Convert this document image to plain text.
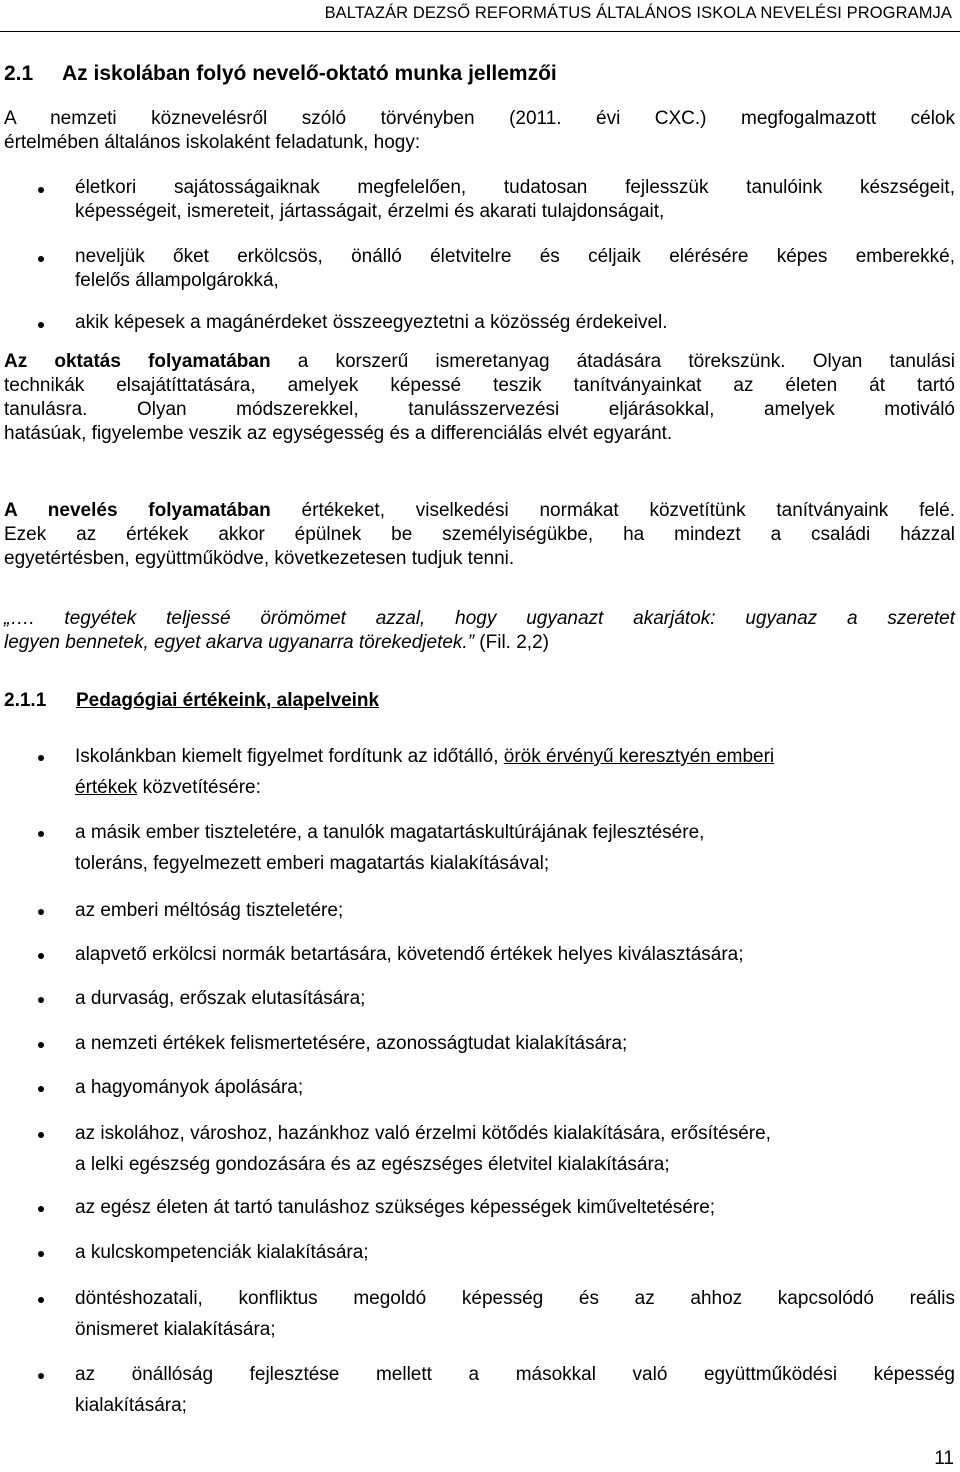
BALTAZÁR DEZSŐ REFORMÁTUS ÁLTALÁNOS ISKOLA NEVELÉSI PROGRAMJA
2.1 Az iskolában folyó nevelő-oktató munka jellemzői
A nemzeti köznevelésről szóló törvényben (2011. évi CXC.) megfogalmazott célok
értelmében általános iskolaként feladatunk, hogy:
életkori sajátosságaiknak megfelelően, tudatosan fejlesszük tanulóink készségeit,
képességeit, ismereteit, jártasságait, érzelmi és akarati tulajdonságait,
neveljük őket erkölcsös, önálló életvitelre és céljaik elérésére képes emberekké,
felelős állampolgárokká,
akik képesek a magánérdeket összeegyeztetni a közösség érdekeivel.
Az oktatás folyamatában a korszerű ismeretanyag átadására törekszünk. Olyan tanulási
technikák elsajátíttatására, amelyek képessé teszik tanítványainkat az életen át tartó
tanulásra. Olyan módszerekkel, tanulásszervezési eljárásokkal, amelyek motiváló
hatásúak, figyelembe veszik az egységesség és a differenciálás elvét egyaránt.
A nevelés folyamatában értékeket, viselkedési normákat közvetítünk tanítványaink felé.
Ezek az értékek akkor épülnek be személyiségükbe, ha mindezt a családi házzal
egyetértésben, együttműködve, következetesen tudjuk tenni.
„…. tegyétek teljessé örömömet azzal, hogy ugyanazt akarjátok: ugyanaz a szeretet
legyen bennetek, egyet akarva ugyanarra törekedjetek.” (Fil. 2,2)
2.1.1 Pedagógiai értékeink, alapelveink
Iskolánkban kiemelt figyelmet fordítunk az időtálló, örök érvényű keresztyén emberi
értékek közvetítésére:
a másik ember tiszteletére, a tanulók magatartáskultúrájának fejlesztésére,
toleráns, fegyelmezett emberi magatartás kialakításával;
az emberi méltóság tiszteletére;
alapvető erkölcsi normák betartására, követendő értékek helyes kiválasztására;
a durvaság, erőszak elutasítására;
a nemzeti értékek felismertetésére, azonosságtudat kialakítására;
a hagyományok ápolására;
az iskolához, városhoz, hazánkhoz való érzelmi kötődés kialakítására, erősítésére,
a lelki egészség gondozására és az egészséges életvitel kialakítására;
az egész életen át tartó tanuláshoz szükséges képességek kiműveltetésére;
a kulcskompetenciák kialakítására;
döntéshozatali, konfliktus megoldó képesség és az ahhoz kapcsolódó reális
önismeret kialakítására;
az önállóság fejlesztése mellett a másokkal való együttműködési képesség
kialakítására;
11
